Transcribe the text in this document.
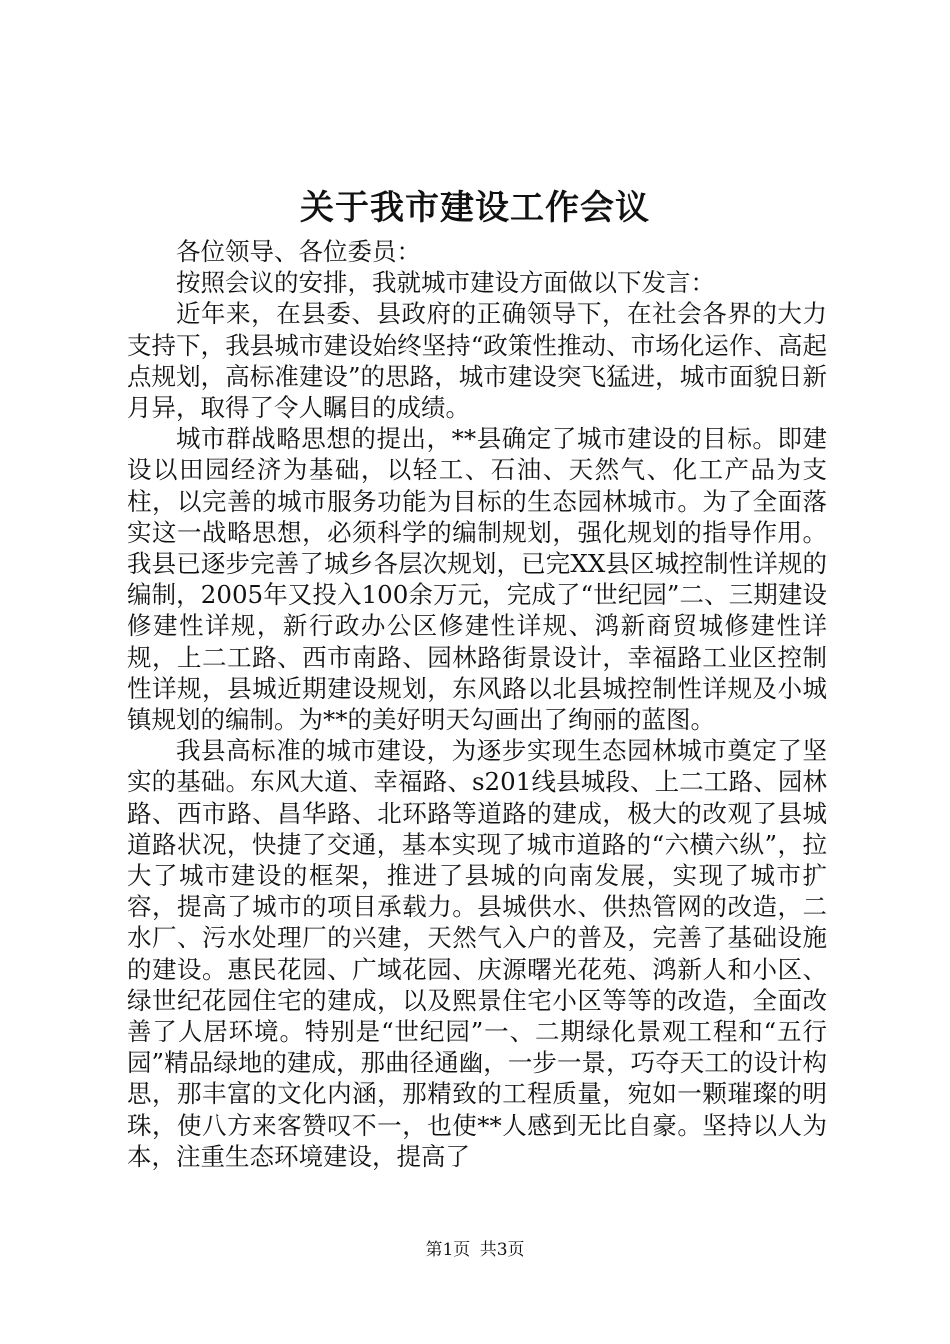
关于我市建设工作会议

各位领导、各位委员：

按照会议的安排，我就城市建设方面做以下发言：

近年来，在县委、县政府的正确领导下，在社会各界的大力支持下，我县城市建设始终坚持“政策性推动、市场化运作、高起点规划，高标准建设”的思路，城市建设突飞猛进，城市面貌日新月异，取得了令人瞩目的成绩。

城市群战略思想的提出，**县确定了城市建设的目标。即建设以田园经济为基础，以轻工、石油、天然气、化工产品为支柱，以完善的城市服务功能为目标的生态园林城市。为了全面落实这一战略思想，必须科学的编制规划，强化规划的指导作用。我县已逐步完善了城乡各层次规划，已完XX县区城控制性详规的编制，2005年又投入100余万元，完成了“世纪园”二、三期建设修建性详规，新行政办公区修建性详规、鸿新商贸城修建性详规，上二工路、西市南路、园林路街景设计，幸福路工业区控制性详规，县城近期建设规划，东风路以北县城控制性详规及小城镇规划的编制。为**的美好明天勾画出了绚丽的蓝图。

我县高标准的城市建设，为逐步实现生态园林城市奠定了坚实的基础。东风大道、幸福路、s201线县城段、上二工路、园林路、西市路、昌华路、北环路等道路的建成，极大的改观了县城道路状况，快捷了交通，基本实现了城市道路的“六横六纵”，拉大了城市建设的框架，推进了县城的向南发展，实现了城市扩容，提高了城市的项目承载力。县城供水、供热管网的改造，二水厂、污水处理厂的兴建，天然气入户的普及，完善了基础设施的建设。惠民花园、广域花园、庆源曙光花苑、鸿新人和小区、绿世纪花园住宅的建成，以及熙景住宅小区等等的改造，全面改善了人居环境。特别是“世纪园”一、二期绿化景观工程和“五行园”精品绿地的建成，那曲径通幽，一步一景，巧夺天工的设计构思，那丰富的文化内涵，那精致的工程质量，宛如一颗璀璨的明珠，使八方来客赞叹不一，也使**人感到无比自豪。坚持以人为本，注重生态环境建设，提高了

第1页 共3页
